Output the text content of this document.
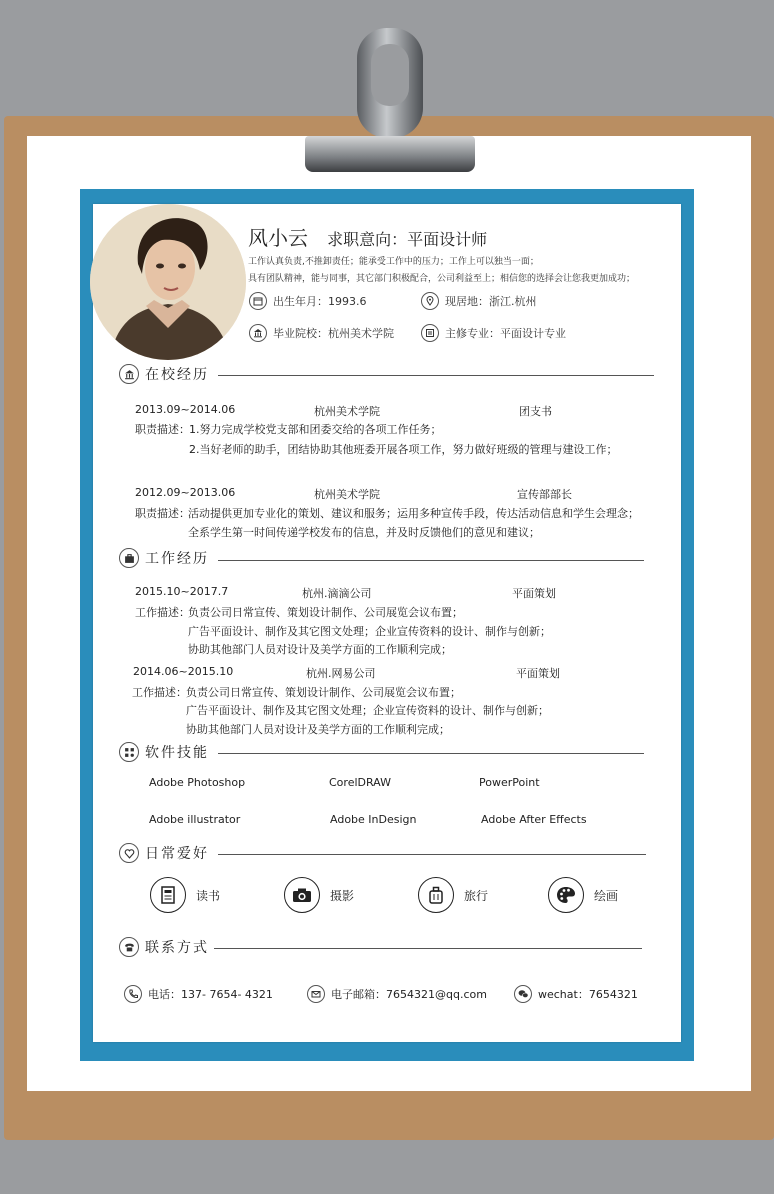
风小云 求职意向：平面设计师
工作认真负责,不推卸责任；能承受工作中的压力；工作上可以独当一面；
具有团队精神，能与同事，其它部门积极配合，公司利益至上；相信您的选择会让您我更加成功；
出生年月：1993.6	现居地：浙江.杭州
毕业院校：杭州美术学院	主修专业：平面设计专业
在校经历
2013.09~2014.06	杭州美术学院	团支书
职责描述： 1.努力完成学校党支部和团委交给的各项工作任务；
2.当好老师的助手，团结协助其他班委开展各项工作，努力做好班级的管理与建设工作；
2012.09~2013.06	杭州美术学院	宣传部部长
职责描述：
活动提供更加专业化的策划、建议和服务；运用多种宣传手段，传达活动信息和学生会理念；
全系学生第一时间传递学校发布的信息，并及时反馈他们的意见和建议；
工作经历
2015.10~2017.7	杭州.滴滴公司	平面策划
工作描述：
负责公司日常宣传、策划设计制作、公司展览会议布置；
广告平面设计、制作及其它图文处理；企业宣传资料的设计、制作与创新；
协助其他部门人员对设计及美学方面的工作顺利完成；
2014.06~2015.10	杭州.网易公司	平面策划
工作描述： 负责公司日常宣传、策划设计制作、公司展览会议布置；
广告平面设计、制作及其它图文处理；企业宣传资料的设计、制作与创新；
协助其他部门人员对设计及美学方面的工作顺利完成；
软件技能
Adobe Photoshop	CorelDRAW	PowerPoint
Adobe illustrator	Adobe InDesign	Adobe After Effects
日常爱好
读书	摄影	旅行	绘画
联系方式
电话：137- 7654- 4321	电子邮箱：7654321@qq.com	wechat：7654321
